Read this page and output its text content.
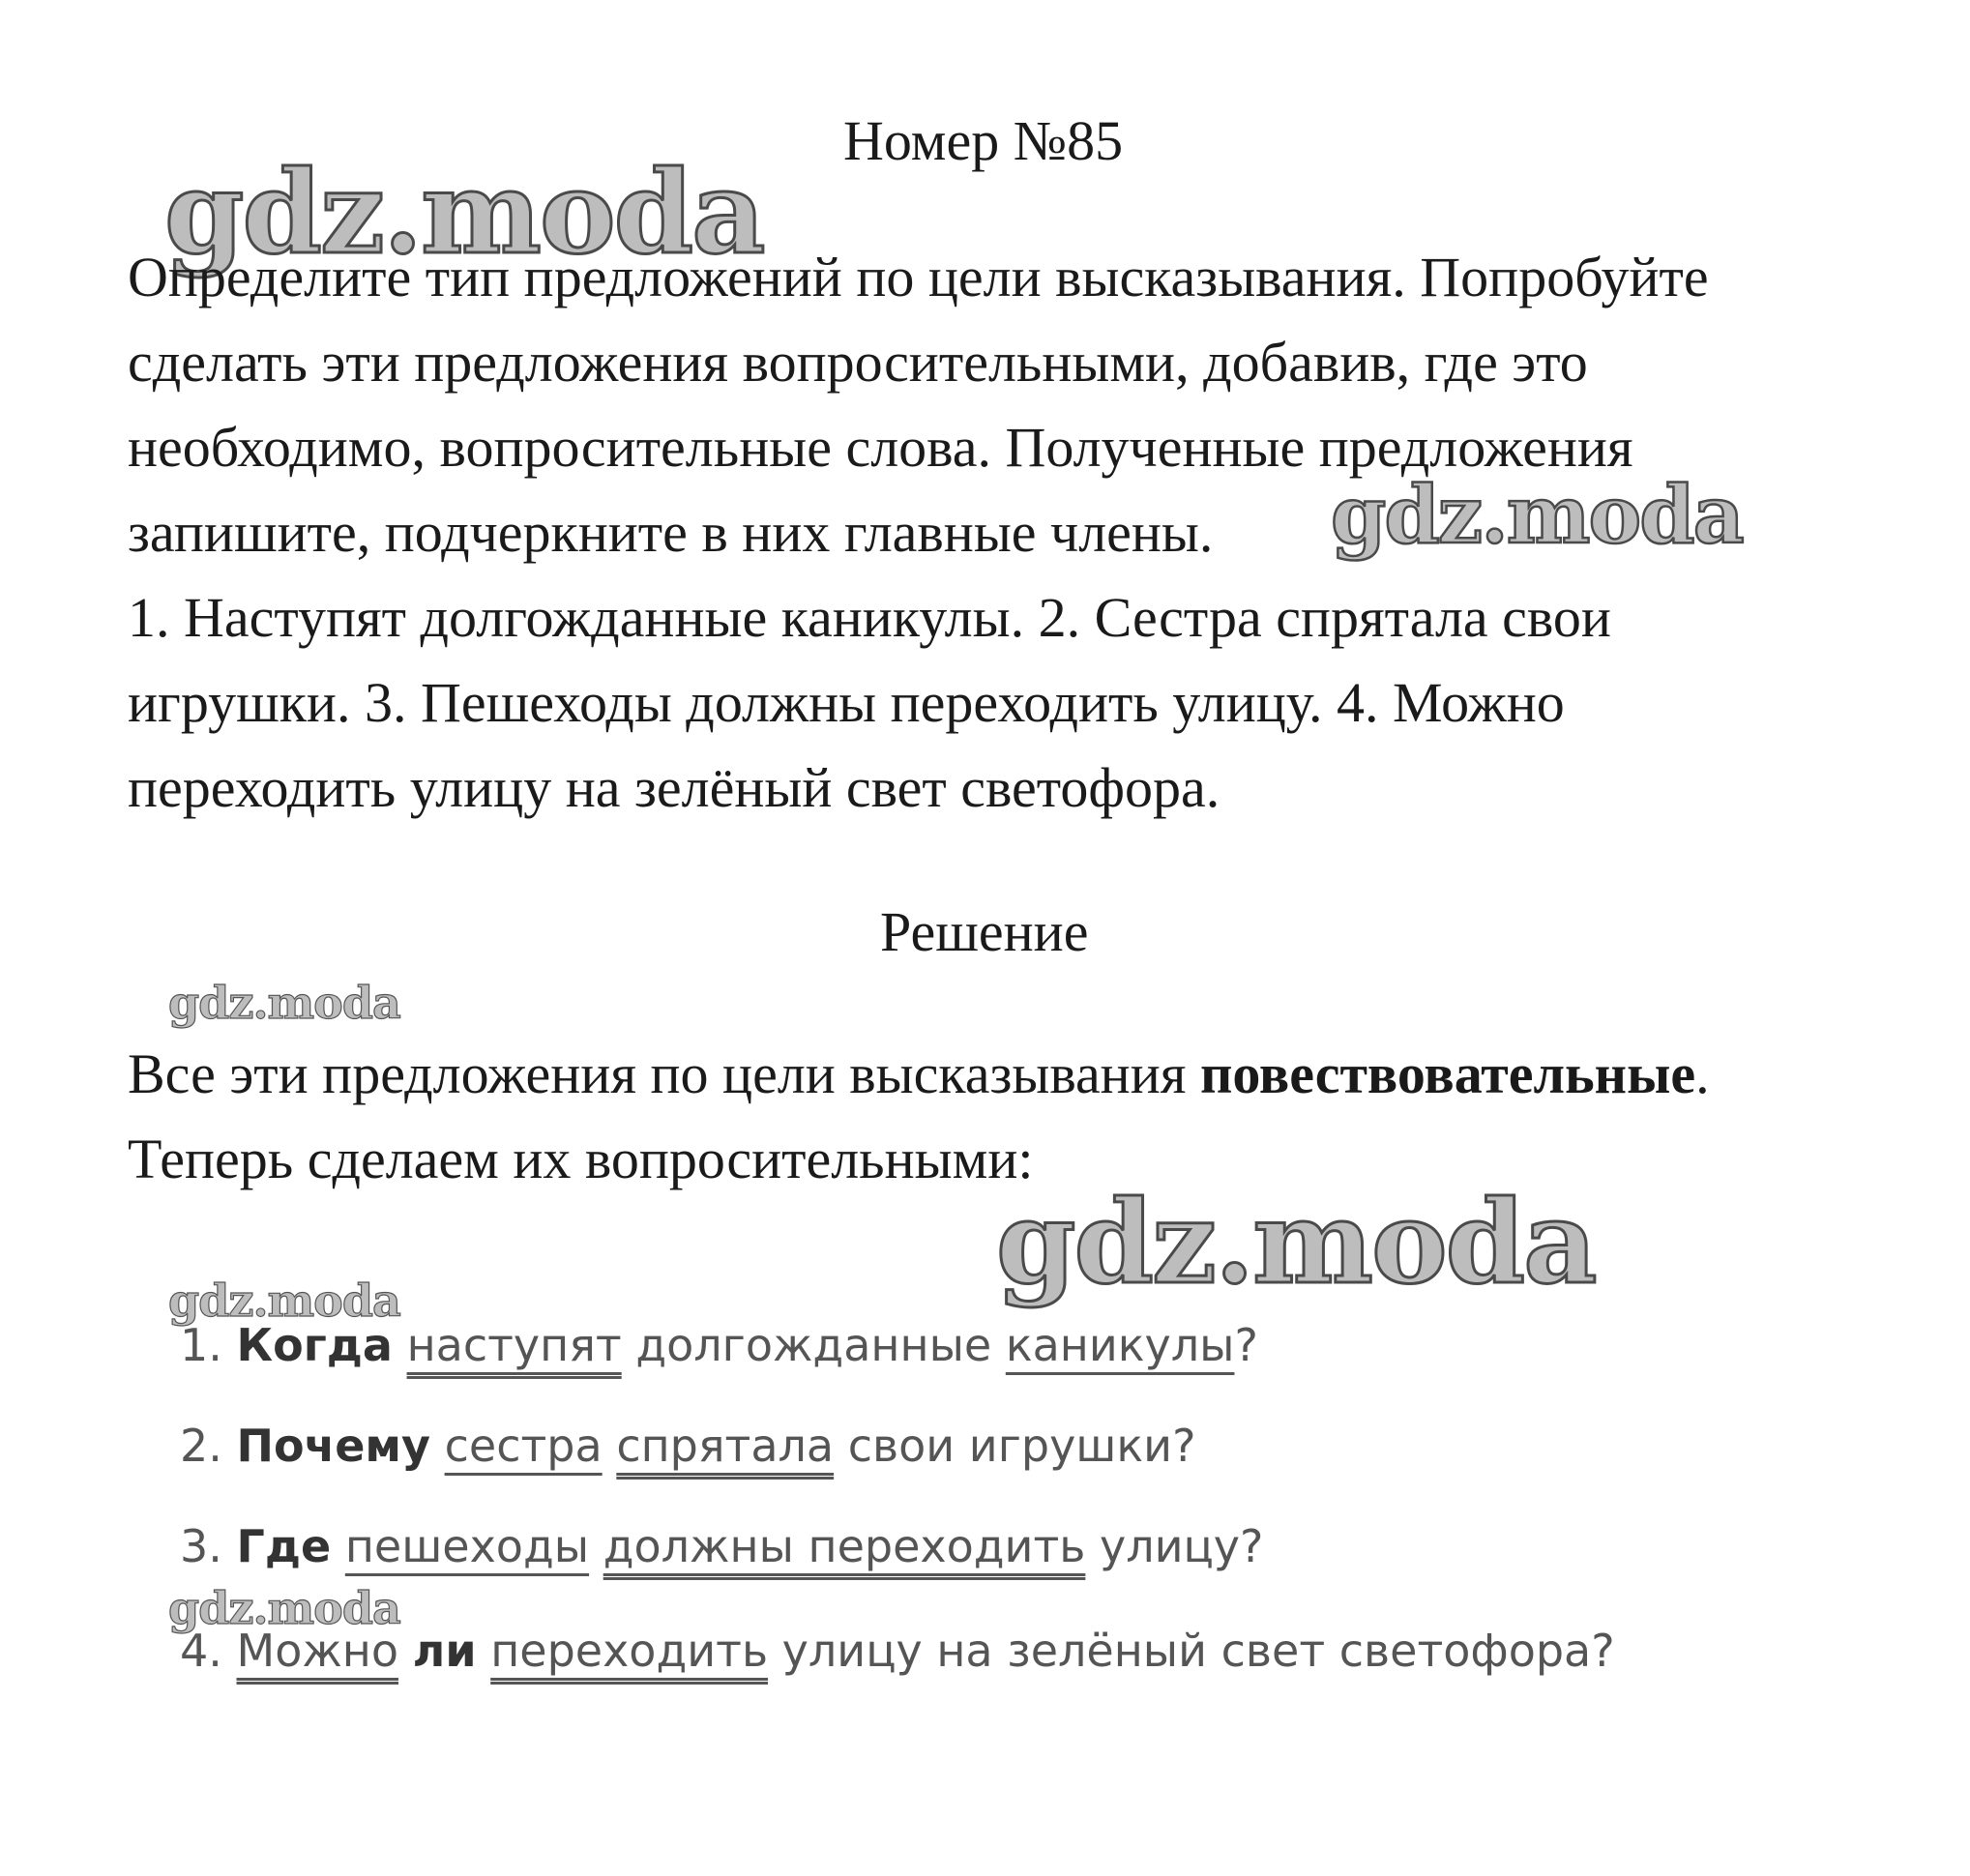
Номер №85
gdz.moda
Определите тип предложений по цели высказывания. Попробуйте
сделать эти предложения вопросительными, добавив, где это
необходимо, вопросительные слова. Полученные предложения
запишите, подчеркните в них главные члены. gdz.moda
1. Наступят долгожданные каникулы. 2. Сестра спрятала свои
игрушки. 3. Пешеходы должны переходить улицу. 4. Можно
переходить улицу на зелёный свет светофора.
Решение
gdz.moda
Все эти предложения по цели высказывания повествовательные.
Теперь сделаем их вопросительными:
gdz.moda
gdz.moda
1. Когда наступят долгожданные каникулы?
2. Почему сестра спрятала свои игрушки?
3. Где пешеходы должны переходить улицу?
gdz.moda
4. Можно ли переходить улицу на зелёный свет светофора?
